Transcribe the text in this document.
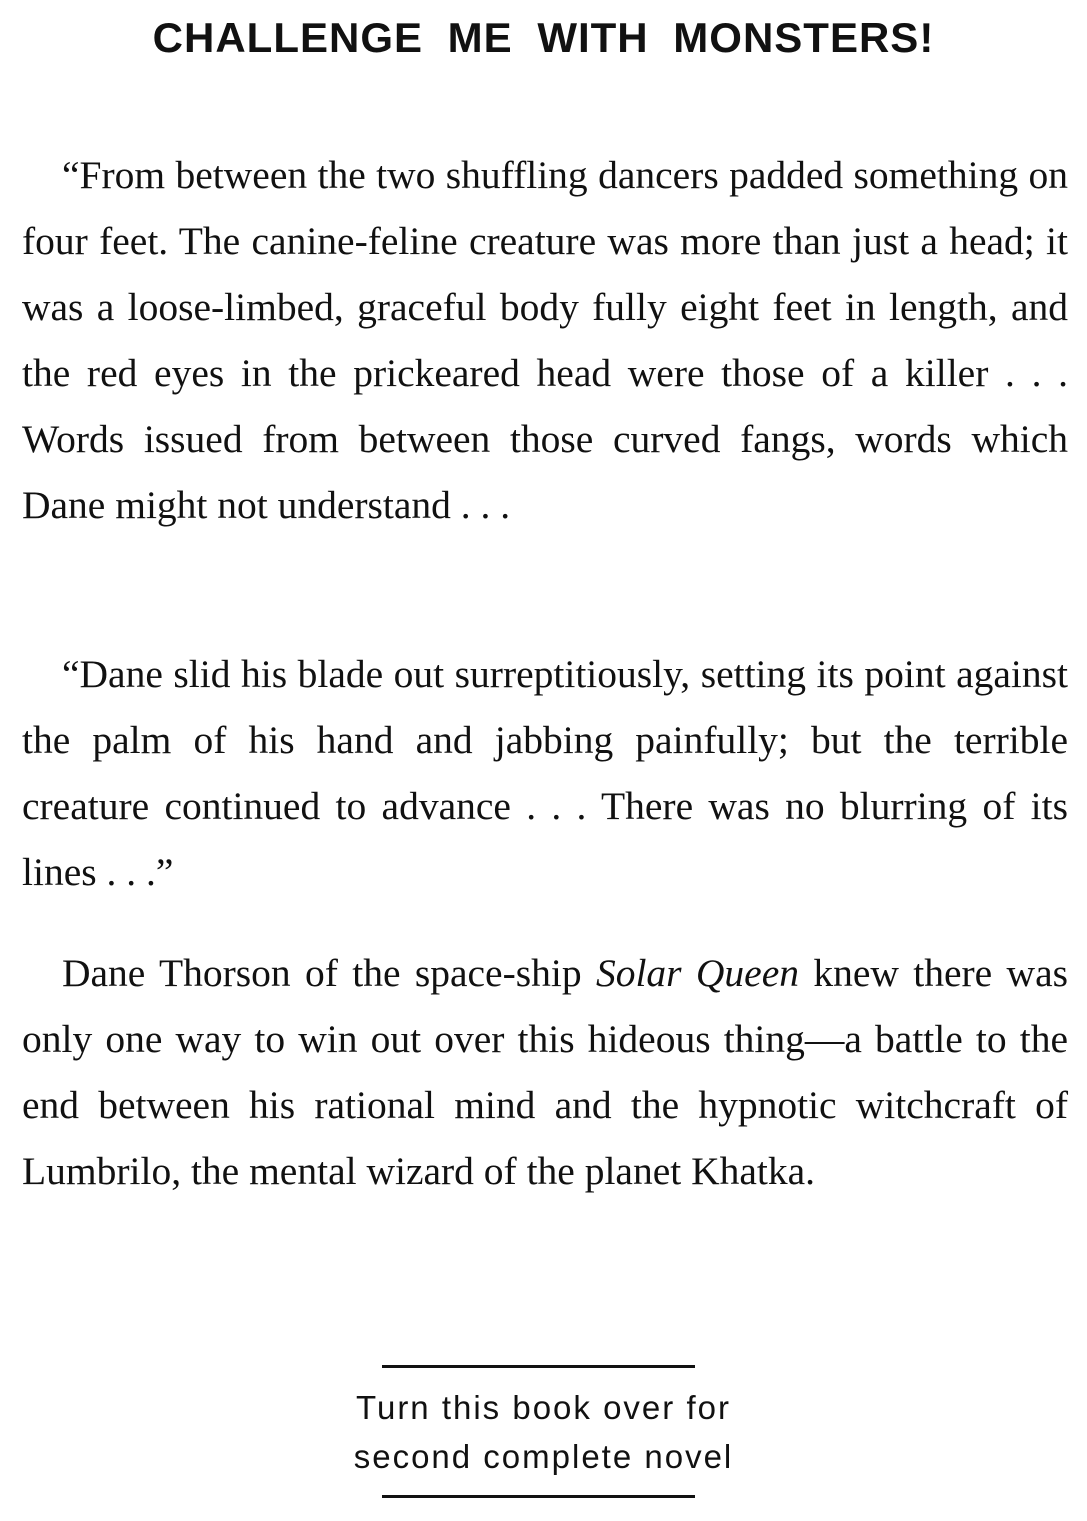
CHALLENGE ME WITH MONSTERS!

“From between the two shuffling dancers padded something on four feet. The canine-feline creature was more than just a head; it was a loose-limbed, graceful body fully eight feet in length, and the red eyes in the prickeared head were those of a killer . . . Words issued from between those curved fangs, words which Dane might not understand . . .

“Dane slid his blade out surreptitiously, setting its point against the palm of his hand and jabbing painfully; but the terrible creature continued to advance . . . There was no blurring of its lines . . .”

Dane Thorson of the space-ship Solar Queen knew there was only one way to win out over this hideous thing—a battle to the end between his rational mind and the hypnotic witchcraft of Lumbrilo, the mental wizard of the planet Khatka.

Turn this book over for
second complete novel
